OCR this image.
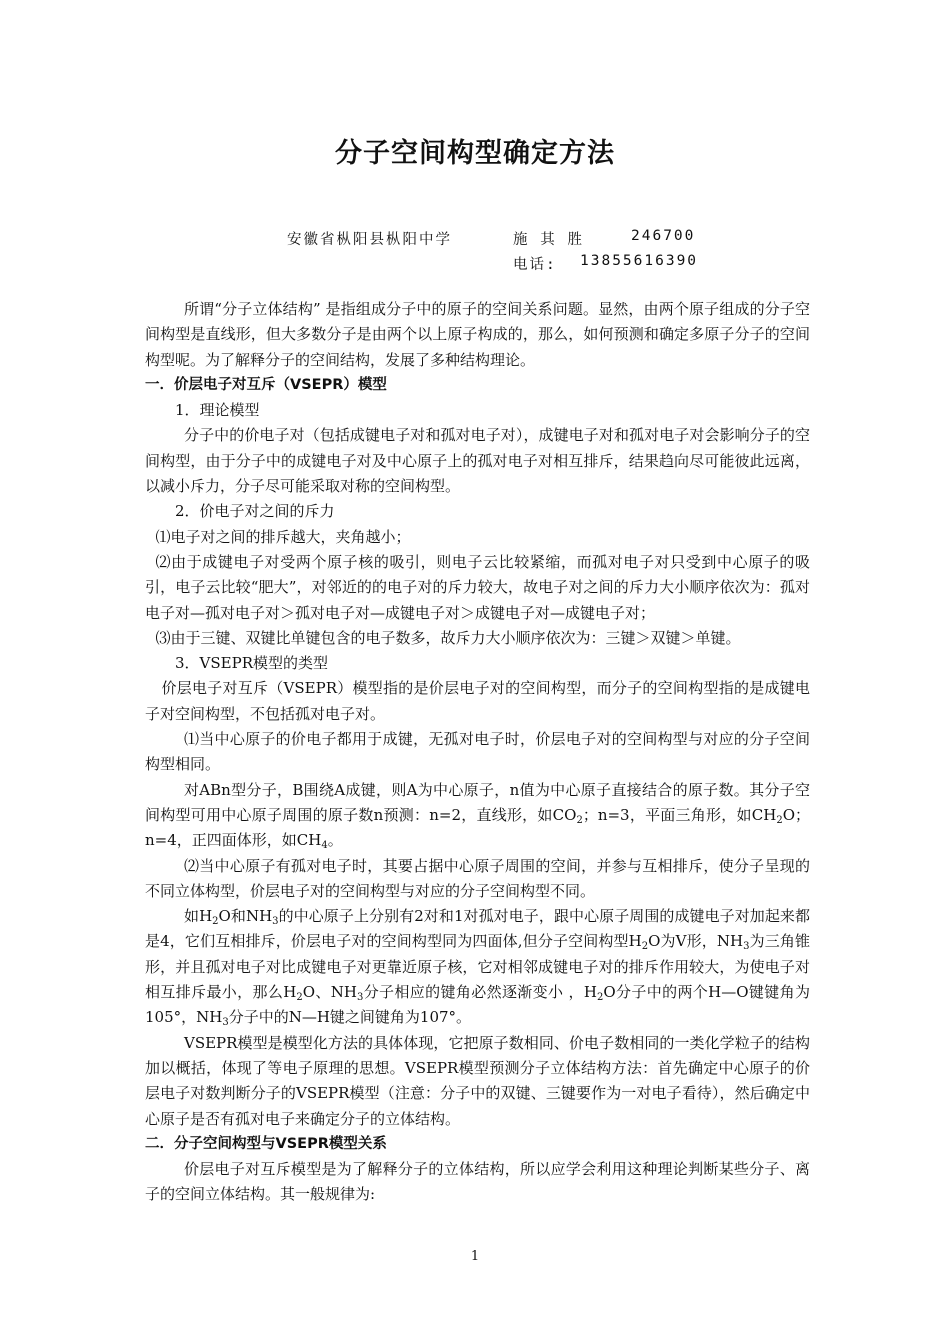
分子空间构型确定方法
安徽省枞阳县枞阳中学	施 其 胜	246700
电话: 13855616390

所谓“分子立体结构” 是指组成分子中的原子的空间关系问题。显然，由两个原子组成的分子空间构型是直线形，但大多数分子是由两个以上原子构成的，那么，如何预测和确定多原子分子的空间构型呢。为了解释分子的空间结构，发展了多种结构理论。

一．价层电子对互斥（VSEPR）模型

1．理论模型

分子中的价电子对（包括成键电子对和孤对电子对），成键电子对和孤对电子对会影响分子的空间构型，由于分子中的成键电子对及中心原子上的孤对电子对相互排斥，结果趋向尽可能彼此远离，以减小斥力，分子尽可能采取对称的空间构型。

2．价电子对之间的斥力

⑴电子对之间的排斥越大，夹角越小；

⑵由于成键电子对受两个原子核的吸引，则电子云比较紧缩，而孤对电子对只受到中心原子的吸引，电子云比较“肥大”，对邻近的的电子对的斥力较大，故电子对之间的斥力大小顺序依次为：孤对电子对—孤对电子对＞孤对电子对—成键电子对＞成键电子对—成键电子对；

⑶由于三键、双键比单键包含的电子数多，故斥力大小顺序依次为：三键＞双键＞单键。

3．VSEPR模型的类型

价层电子对互斥（VSEPR）模型指的是价层电子对的空间构型，而分子的空间构型指的是成键电子对空间构型，不包括孤对电子对。

⑴当中心原子的价电子都用于成键，无孤对电子时，价层电子对的空间构型与对应的分子空间构型相同。

对ABn型分子，B围绕A成键，则A为中心原子，n值为中心原子直接结合的原子数。其分子空间构型可用中心原子周围的原子数n预测：n=2，直线形，如$CO_2$；n=3，平面三角形，如$CH_2O$；n=4，正四面体形，如$CH_4$。

⑵当中心原子有孤对电子时，其要占据中心原子周围的空间，并参与互相排斥，使分子呈现的不同立体构型，价层电子对的空间构型与对应的分子空间构型不同。

如$H_2O$和$NH_3$的中心原子上分别有2对和1对孤对电子，跟中心原子周围的成键电子对加起来都是4，它们互相排斥，价层电子对的空间构型同为四面体,但分子空间构型$H_2O$为V形，$NH_3$为三角锥形，并且孤对电子对比成键电子对更靠近原子核，它对相邻成键电子对的排斥作用较大，为使电子对相互排斥最小，那么$H_2O$、$NH_3$分子相应的键角必然逐渐变小 ，$H_2O$分子中的两个H—O键键角为105°，$NH_3$分子中的N—H键之间键角为107°。

VSEPR模型是模型化方法的具体体现，它把原子数相同、价电子数相同的一类化学粒子的结构加以概括，体现了等电子原理的思想。VSEPR模型预测分子立体结构方法：首先确定中心原子的价层电子对数判断分子的VSEPR模型（注意：分子中的双键、三键要作为一对电子看待），然后确定中心原子是否有孤对电子来确定分子的立体结构。

二．分子空间构型与VSEPR模型关系

价层电子对互斥模型是为了解释分子的立体结构，所以应学会利用这种理论判断某些分子、离子的空间立体结构。其一般规律为:

1
